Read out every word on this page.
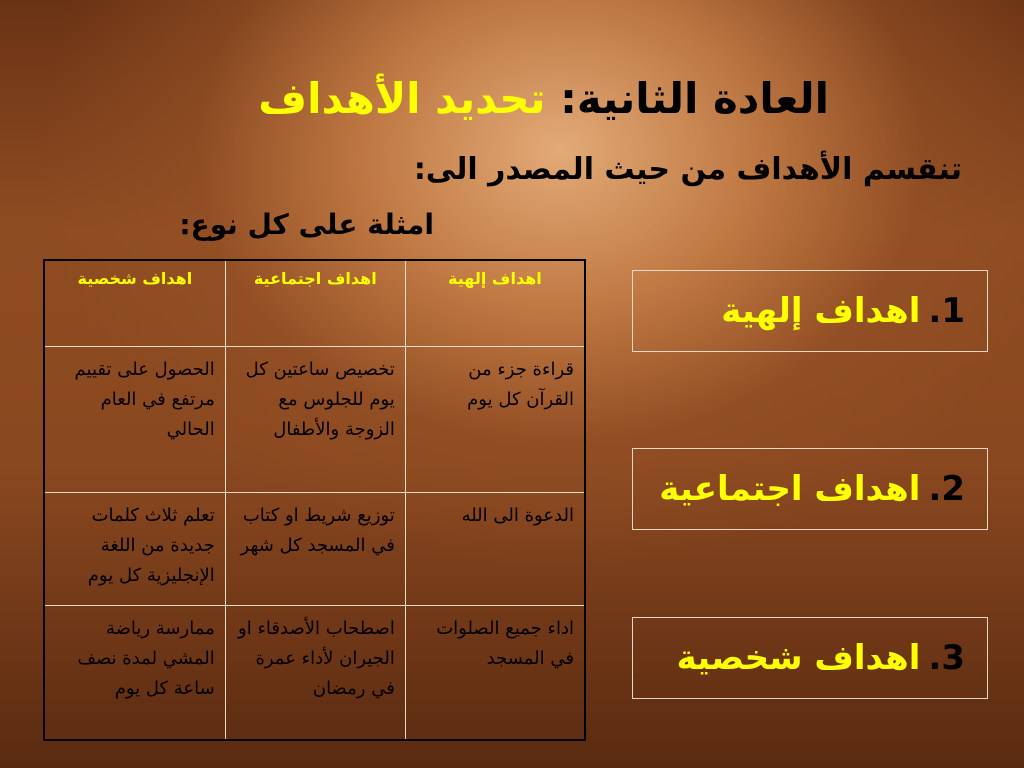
العادة الثانية: تحديد الأهداف
تنقسم الأهداف من حيث المصدر الى:
امثلة على كل نوع:
اهداف إلهية	اهداف اجتماعية	اهداف شخصية
قراءة جزء من القرآن كل يوم	تخصيص ساعتين كل يوم للجلوس مع الزوجة والأطفال	الحصول على تقييم مرتفع في العام الحالي
الدعوة الى الله	توزيع شريط او كتاب في المسجد كل شهر	تعلم ثلاث كلمات جديدة من اللغة الإنجليزية كل يوم
اداء جميع الصلوات في المسجد	اصطحاب الأصدقاء او الجيران لأداء عمرة في رمضان	ممارسة رياضة المشي لمدة نصف ساعة كل يوم
1.
اهداف إلهية
2.
اهداف اجتماعية
3.
اهداف شخصية
